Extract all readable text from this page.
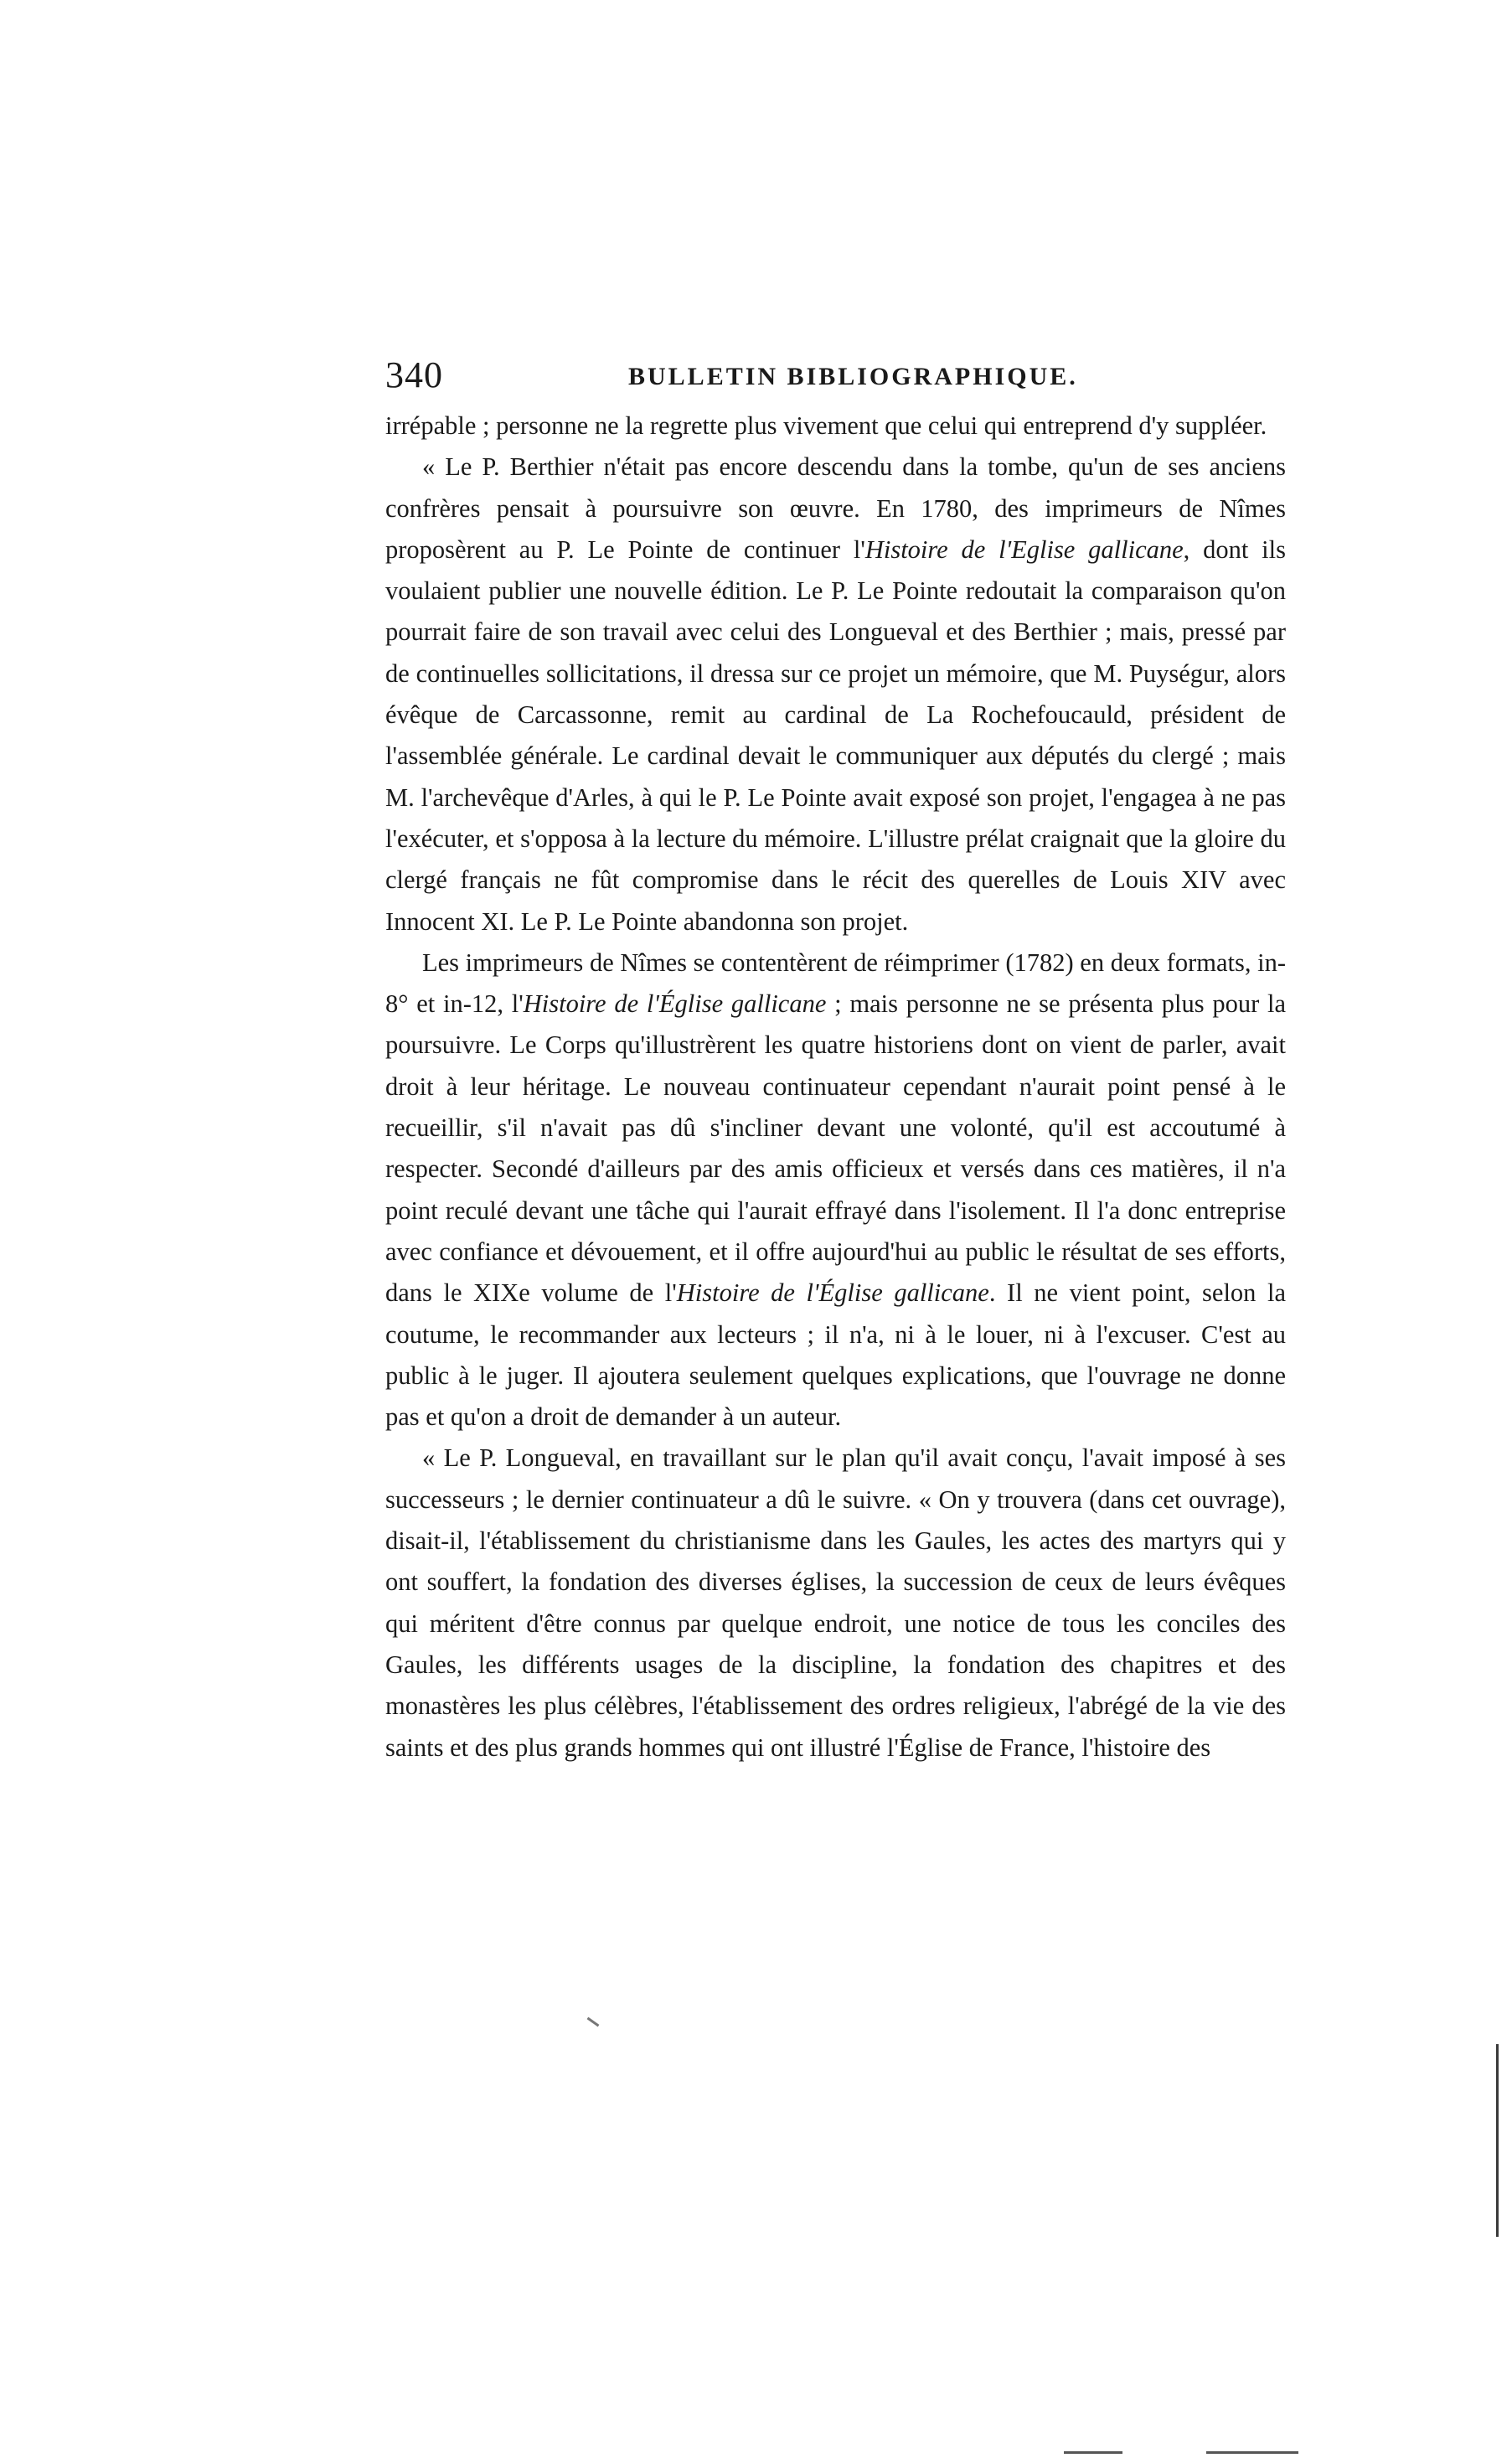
340	BULLETIN BIBLIOGRAPHIQUE.

irrépable ; personne ne la regrette plus vivement que celui qui entreprend d'y suppléer.

« Le P. Berthier n'était pas encore descendu dans la tombe, qu'un de ses anciens confrères pensait à poursuivre son œuvre. En 1780, des imprimeurs de Nîmes proposèrent au P. Le Pointe de continuer l'Histoire de l'Eglise gallicane, dont ils voulaient publier une nouvelle édition. Le P. Le Pointe redoutait la comparaison qu'on pourrait faire de son travail avec celui des Longueval et des Berthier ; mais, pressé par de continuelles sollicitations, il dressa sur ce projet un mémoire, que M. Puységur, alors évêque de Carcassonne, remit au cardinal de La Rochefoucauld, président de l'assemblée générale. Le cardinal devait le communiquer aux députés du clergé ; mais M. l'archevêque d'Arles, à qui le P. Le Pointe avait exposé son projet, l'engagea à ne pas l'exécuter, et s'opposa à la lecture du mémoire. L'illustre prélat craignait que la gloire du clergé français ne fût compromise dans le récit des querelles de Louis XIV avec Innocent XI. Le P. Le Pointe abandonna son projet.

Les imprimeurs de Nîmes se contentèrent de réimprimer (1782) en deux formats, in-8° et in-12, l'Histoire de l'Église gallicane ; mais personne ne se présenta plus pour la poursuivre. Le Corps qu'illustrèrent les quatre historiens dont on vient de parler, avait droit à leur héritage. Le nouveau continuateur cependant n'aurait point pensé à le recueillir, s'il n'avait pas dû s'incliner devant une volonté, qu'il est accoutumé à respecter. Secondé d'ailleurs par des amis officieux et versés dans ces matières, il n'a point reculé devant une tâche qui l'aurait effrayé dans l'isolement. Il l'a donc entreprise avec confiance et dévouement, et il offre aujourd'hui au public le résultat de ses efforts, dans le XIXe volume de l'Histoire de l'Église gallicane. Il ne vient point, selon la coutume, le recommander aux lecteurs ; il n'a, ni à le louer, ni à l'excuser. C'est au public à le juger. Il ajoutera seulement quelques explications, que l'ouvrage ne donne pas et qu'on a droit de demander à un auteur.

« Le P. Longueval, en travaillant sur le plan qu'il avait conçu, l'avait imposé à ses successeurs ; le dernier continuateur a dû le suivre. « On y trouvera (dans cet ouvrage), disait-il, l'établissement du christianisme dans les Gaules, les actes des martyrs qui y ont souffert, la fondation des diverses églises, la succession de ceux de leurs évêques qui méritent d'être connus par quelque endroit, une notice de tous les conciles des Gaules, les différents usages de la discipline, la fondation des chapitres et des monastères les plus célèbres, l'établissement des ordres religieux, l'abrégé de la vie des saints et des plus grands hommes qui ont illustré l'Église de France, l'histoire des
